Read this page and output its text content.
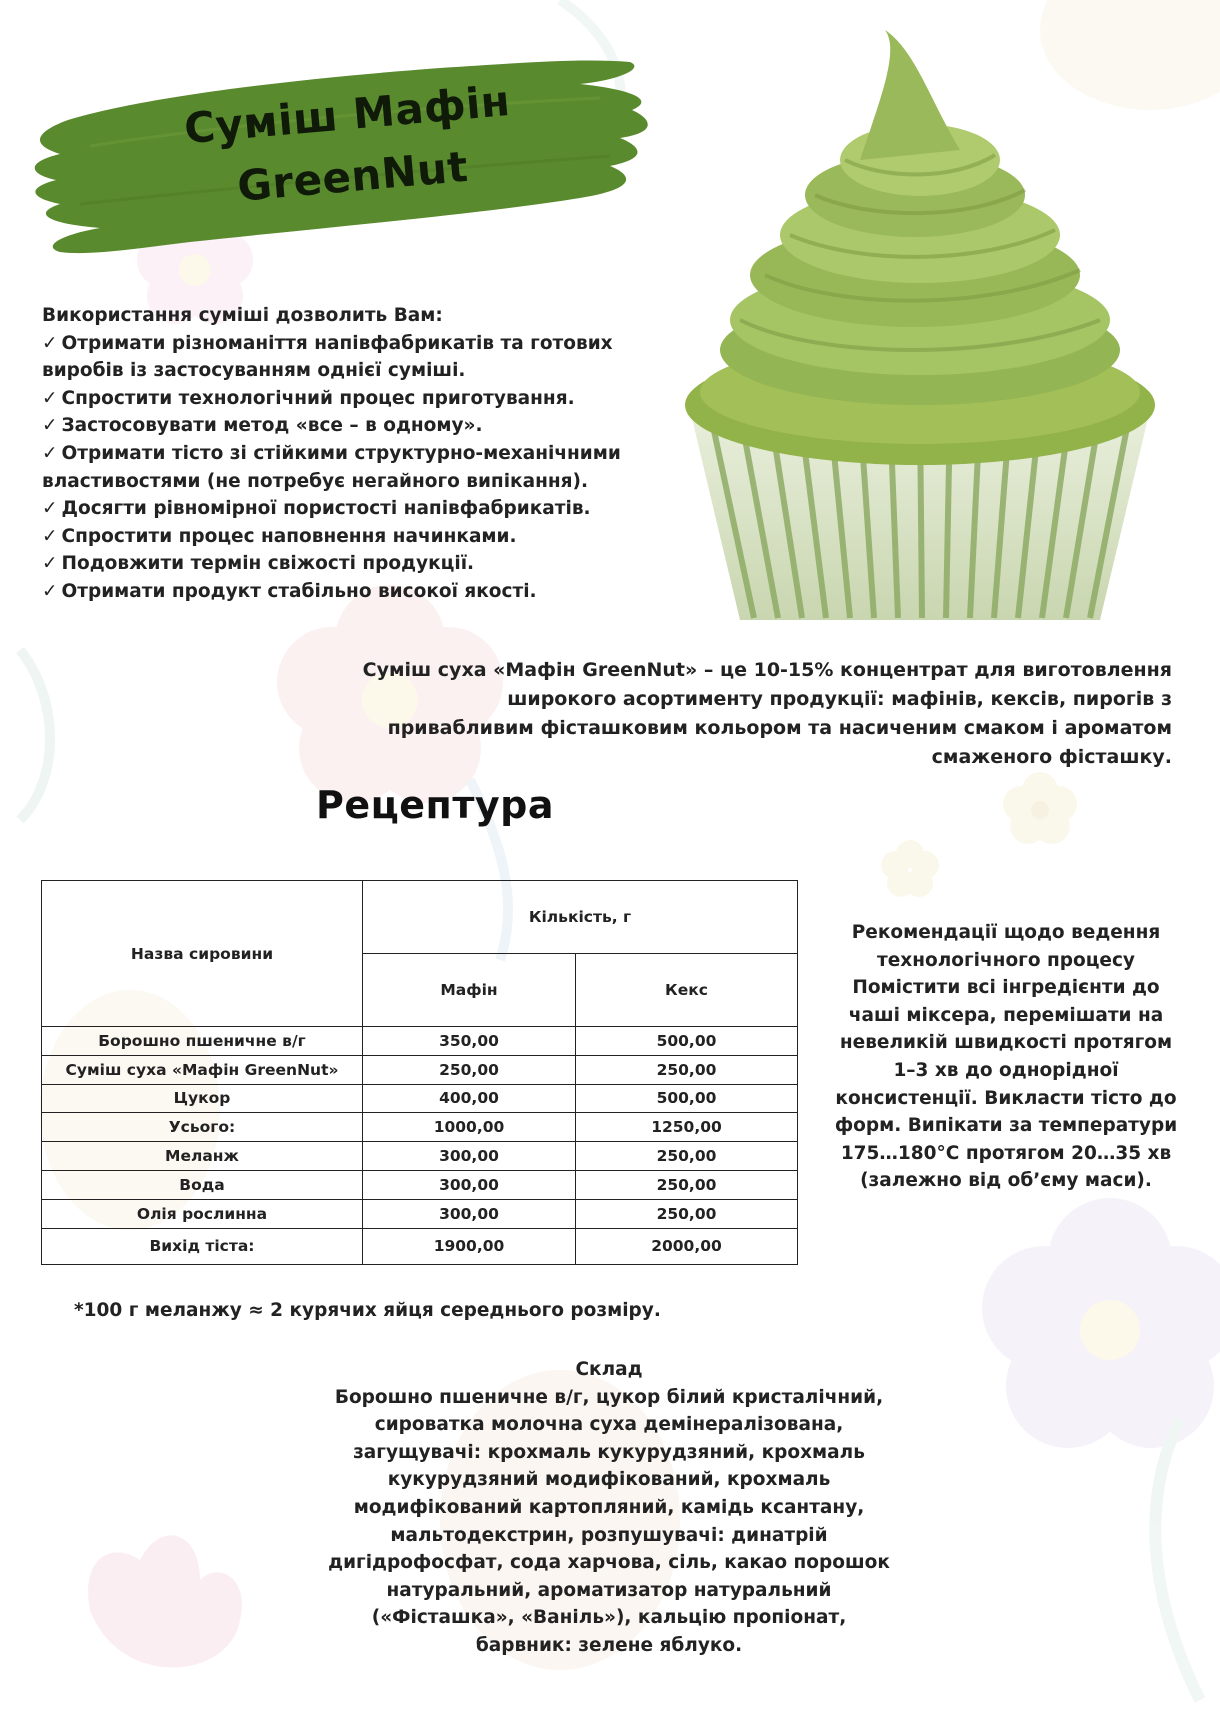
Суміш Мафін
GreenNut

Використання суміші дозволить Вам:

✓ Отримати різноманіття напівфабрикатів та готових виробів із застосуванням однієї суміші.
✓ Спростити технологічний процес приготування.
✓ Застосовувати метод «все – в одному».
✓ Отримати тісто зі стійкими структурно-механічними властивостями (не потребує негайного випікання).
✓ Досягти рівномірної пористості напівфабрикатів.
✓ Спростити процес наповнення начинками.
✓ Подовжити термін свіжості продукції.
✓ Отримати продукт стабільно високої якості.
Суміш суха «Мафін GreenNut» – це 10-15% концентрат для виготовлення широкого асортименту продукції: мафінів, кексів, пирогів з привабливим фісташковим кольором та насиченим смаком і ароматом смаженого фісташку.
Рецептура
Назва сировини	Кількість, г	
	Мафін	Кекс
Борошно пшеничне в/г	350,00	500,00
Суміш суха «Мафін GreenNut»	250,00	250,00
Цукор	400,00	500,00
Усього:	1000,00	1250,00
Меланж	300,00	250,00
Вода	300,00	250,00
Олія рослинна	300,00	250,00
Вихід тіста:	1900,00	2000,00
Рекомендації щодо ведення технологічного процесу
Помістити всі інгредієнти до чаші міксера, перемішати на невеликій швидкості протягом 1–3 хв до однорідної консистенції. Викласти тісто до форм. Випікати за температури 175…180°С протягом 20…35 хв (залежно від об’єму маси).
*100 г меланжу ≈ 2 курячих яйця середнього розміру.
Склад
Борошно пшеничне в/г, цукор білий кристалічний, сироватка молочна суха демінералізована, загущувачі: крохмаль кукурудзяний, крохмаль кукурудзяний модифікований, крохмаль модифікований картопляний, камідь ксантану, мальтодекстрин, розпушувачі: динатрій дигідрофосфат, сода харчова, сіль, какао порошок натуральний, ароматизатор натуральний («Фісташка», «Ваніль»), кальцію пропіонат, барвник: зелене яблуко.
